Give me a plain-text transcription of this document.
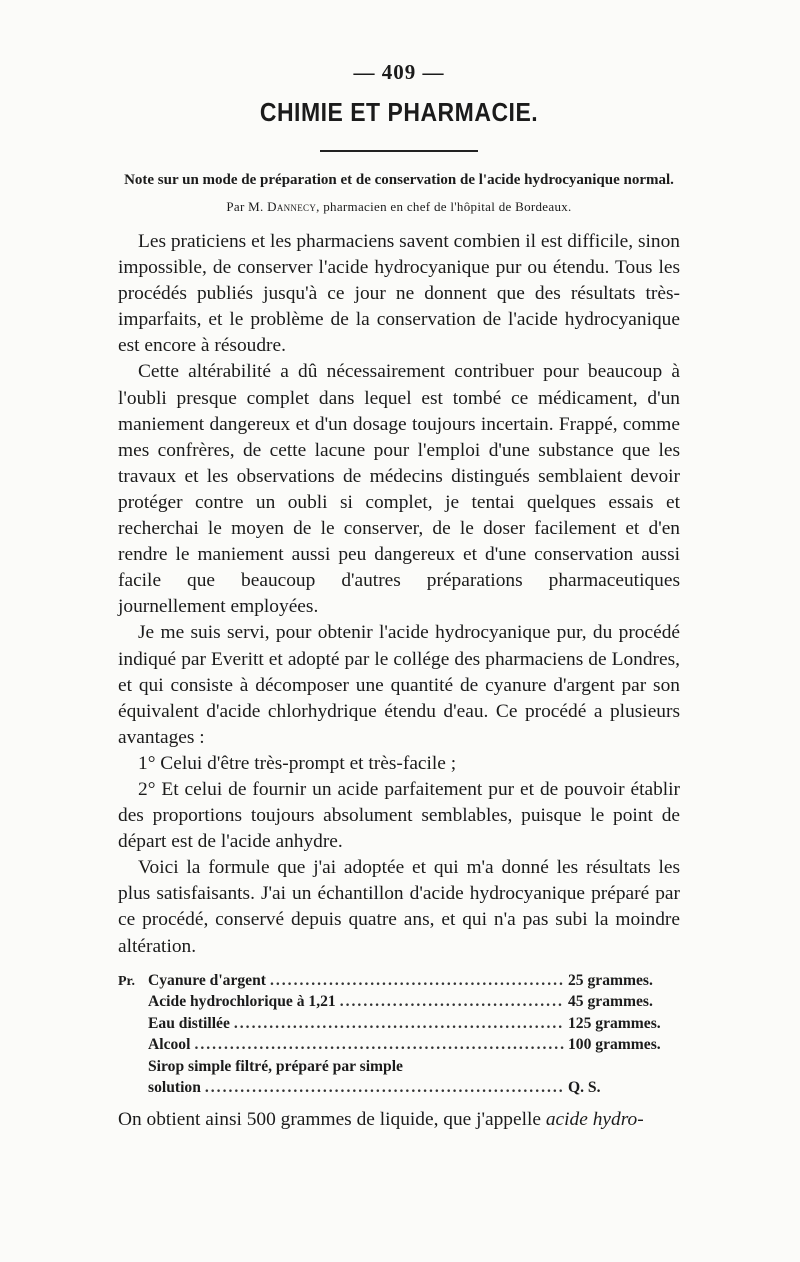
— 409 —

CHIMIE ET PHARMACIE.
Note sur un mode de préparation et de conservation de l'acide hydrocyanique normal.

Par M. Dannecy, pharmacien en chef de l'hôpital de Bordeaux.

Les praticiens et les pharmaciens savent combien il est difficile, sinon impossible, de conserver l'acide hydrocyanique pur ou étendu. Tous les procédés publiés jusqu'à ce jour ne donnent que des résultats très-imparfaits, et le problème de la conservation de l'acide hydrocyanique est encore à résoudre.

Cette altérabilité a dû nécessairement contribuer pour beaucoup à l'oubli presque complet dans lequel est tombé ce médicament, d'un maniement dangereux et d'un dosage toujours incertain. Frappé, comme mes confrères, de cette lacune pour l'emploi d'une substance que les travaux et les observations de médecins distingués semblaient devoir protéger contre un oubli si complet, je tentai quelques essais et recherchai le moyen de le conserver, de le doser facilement et d'en rendre le maniement aussi peu dangereux et d'une conservation aussi facile que beaucoup d'autres préparations pharmaceutiques journellement employées.

Je me suis servi, pour obtenir l'acide hydrocyanique pur, du procédé indiqué par Everitt et adopté par le collége des pharmaciens de Londres, et qui consiste à décomposer une quantité de cyanure d'argent par son équivalent d'acide chlorhydrique étendu d'eau. Ce procédé a plusieurs avantages :

1° Celui d'être très-prompt et très-facile ;

2° Et celui de fournir un acide parfaitement pur et de pouvoir établir des proportions toujours absolument semblables, puisque le point de départ est de l'acide anhydre.

Voici la formule que j'ai adoptée et qui m'a donné les résultats les plus satisfaisants. J'ai un échantillon d'acide hydrocyanique préparé par ce procédé, conservé depuis quatre ans, et qui n'a pas subi la moindre altération.

Pr. Cyanure d'argent .....	25 grammes.
Acide hydrochlorique à 1,21 .....	45 grammes.
Eau distillée .....	125 grammes.
Alcool .....	100 grammes.
Sirop simple filtré, préparé par simple
solution .....	Q. S.

On obtient ainsi 500 grammes de liquide, que j'appelle acide hydro-
